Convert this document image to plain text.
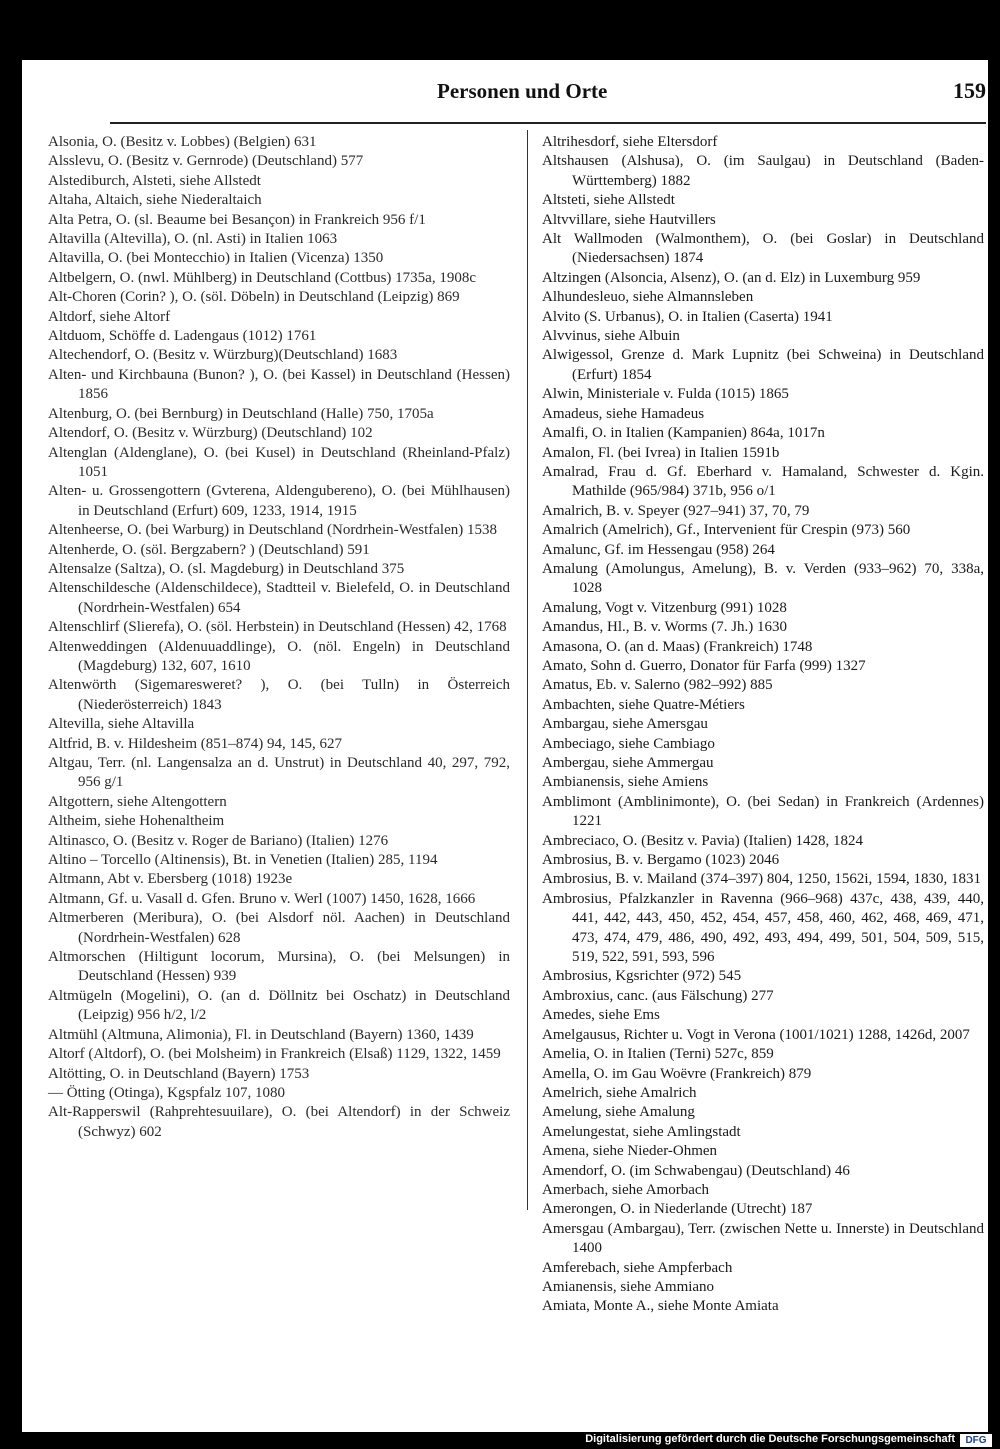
Personen und Orte	159
Alsonia, O. (Besitz v. Lobbes) (Belgien) 631
Alsslevu, O. (Besitz v. Gernrode) (Deutschland) 577
Alstediburch, Alsteti, siehe Allstedt
Altaha, Altaich, siehe Niederaltaich
Alta Petra, O. (sl. Beaume bei Besançon) in Frankreich 956 f/1
Altavilla (Altevilla), O. (nl. Asti) in Italien 1063
Altavilla, O. (bei Montecchio) in Italien (Vicenza) 1350
Altbelgern, O. (nwl. Mühlberg) in Deutschland (Cottbus) 1735a, 1908c
Alt-Choren (Corin? ), O. (söl. Döbeln) in Deutschland (Leipzig) 869
Altdorf, siehe Altorf
Altduom, Schöffe d. Ladengaus (1012) 1761
Altechendorf, O. (Besitz v. Würzburg)(Deutschland) 1683
Alten- und Kirchbauna (Bunon? ), O. (bei Kassel) in Deutschland (Hessen) 1856
Altenburg, O. (bei Bernburg) in Deutschland (Halle) 750, 1705a
Altendorf, O. (Besitz v. Würzburg) (Deutschland) 102
Altenglan (Aldenglane), O. (bei Kusel) in Deutschland (Rheinland-Pfalz) 1051
Alten- u. Grossengottern (Gvterena, Aldengubereno), O. (bei Mühlhausen) in Deutschland (Erfurt) 609, 1233, 1914, 1915
Altenheerse, O. (bei Warburg) in Deutschland (Nordrhein-Westfalen) 1538
Altenherde, O. (söl. Bergzabern? ) (Deutschland) 591
Altensalze (Saltza), O. (sl. Magdeburg) in Deutschland 375
Altenschildesche (Aldenschildece), Stadtteil v. Bielefeld, O. in Deutschland (Nordrhein-Westfalen) 654
Altenschlirf (Slierefa), O. (söl. Herbstein) in Deutschland (Hessen) 42, 1768
Altenweddingen (Aldenuuaddlinge), O. (nöl. Engeln) in Deutschland (Magdeburg) 132, 607, 1610
Altenwörth (Sigemaresweret? ), O. (bei Tulln) in Österreich (Niederösterreich) 1843
Altevilla, siehe Altavilla
Altfrid, B. v. Hildesheim (851–874) 94, 145, 627
Altgau, Terr. (nl. Langensalza an d. Unstrut) in Deutschland 40, 297, 792, 956 g/1
Altgottern, siehe Altengottern
Altheim, siehe Hohenaltheim
Altinasco, O. (Besitz v. Roger de Bariano) (Italien) 1276
Altino – Torcello (Altinensis), Bt. in Venetien (Italien) 285, 1194
Altmann, Abt v. Ebersberg (1018) 1923e
Altmann, Gf. u. Vasall d. Gfen. Bruno v. Werl (1007) 1450, 1628, 1666
Altmerberen (Meribura), O. (bei Alsdorf nöl. Aachen) in Deutschland (Nordrhein-Westfalen) 628
Altmorschen (Hiltigunt locorum, Mursina), O. (bei Melsungen) in Deutschland (Hessen) 939
Altmügeln (Mogelini), O. (an d. Döllnitz bei Oschatz) in Deutschland (Leipzig) 956 h/2, l/2
Altmühl (Altmuna, Alimonia), Fl. in Deutschland (Bayern) 1360, 1439
Altorf (Altdorf), O. (bei Molsheim) in Frankreich (Elsaß) 1129, 1322, 1459
Altötting, O. in Deutschland (Bayern) 1753
— Ötting (Otinga), Kgspfalz 107, 1080
Alt-Rapperswil (Rahprehtesuuilare), O. (bei Altendorf) in der Schweiz (Schwyz) 602
Altrihesdorf, siehe Eltersdorf
Altshausen (Alshusa), O. (im Saulgau) in Deutschland (Baden-Württemberg) 1882
Altsteti, siehe Allstedt
Altvvillare, siehe Hautvillers
Alt Wallmoden (Walmonthem), O. (bei Goslar) in Deutschland (Niedersachsen) 1874
Altzingen (Alsoncia, Alsenz), O. (an d. Elz) in Luxemburg 959
Alhundesleuo, siehe Almannsleben
Alvito (S. Urbanus), O. in Italien (Caserta) 1941
Alvvinus, siehe Albuin
Alwigessol, Grenze d. Mark Lupnitz (bei Schweina) in Deutschland (Erfurt) 1854
Alwin, Ministeriale v. Fulda (1015) 1865
Amadeus, siehe Hamadeus
Amalfi, O. in Italien (Kampanien) 864a, 1017n
Amalon, Fl. (bei Ivrea) in Italien 1591b
Amalrad, Frau d. Gf. Eberhard v. Hamaland, Schwester d. Kgin. Mathilde (965/984) 371b, 956 o/1
Amalrich, B. v. Speyer (927–941) 37, 70, 79
Amalrich (Amelrich), Gf., Intervenient für Crespin (973) 560
Amalunc, Gf. im Hessengau (958) 264
Amalung (Amolungus, Amelung), B. v. Verden (933–962) 70, 338a, 1028
Amalung, Vogt v. Vitzenburg (991) 1028
Amandus, Hl., B. v. Worms (7. Jh.) 1630
Amasona, O. (an d. Maas) (Frankreich) 1748
Amato, Sohn d. Guerro, Donator für Farfa (999) 1327
Amatus, Eb. v. Salerno (982–992) 885
Ambachten, siehe Quatre-Métiers
Ambargau, siehe Amersgau
Ambeciago, siehe Cambiago
Ambergau, siehe Ammergau
Ambianensis, siehe Amiens
Amblimont (Amblinimonte), O. (bei Sedan) in Frankreich (Ardennes) 1221
Ambreciaco, O. (Besitz v. Pavia) (Italien) 1428, 1824
Ambrosius, B. v. Bergamo (1023) 2046
Ambrosius, B. v. Mailand (374–397) 804, 1250, 1562i, 1594, 1830, 1831
Ambrosius, Pfalzkanzler in Ravenna (966–968) 437c, 438, 439, 440, 441, 442, 443, 450, 452, 454, 457, 458, 460, 462, 468, 469, 471, 473, 474, 479, 486, 490, 492, 493, 494, 499, 501, 504, 509, 515, 519, 522, 591, 593, 596
Ambrosius, Kgsrichter (972) 545
Ambroxius, canc. (aus Fälschung) 277
Amedes, siehe Ems
Amelgausus, Richter u. Vogt in Verona (1001/1021) 1288, 1426d, 2007
Amelia, O. in Italien (Terni) 527c, 859
Amella, O. im Gau Woëvre (Frankreich) 879
Amelrich, siehe Amalrich
Amelung, siehe Amalung
Amelungestat, siehe Amlingstadt
Amena, siehe Nieder-Ohmen
Amendorf, O. (im Schwabengau) (Deutschland) 46
Amerbach, siehe Amorbach
Amerongen, O. in Niederlande (Utrecht) 187
Amersgau (Ambargau), Terr. (zwischen Nette u. Innerste) in Deutschland 1400
Amferebach, siehe Ampferbach
Amianensis, siehe Ammiano
Amiata, Monte A., siehe Monte Amiata
Digitalisierung gefördert durch die Deutsche Forschungsgemeinschaft	DFG
